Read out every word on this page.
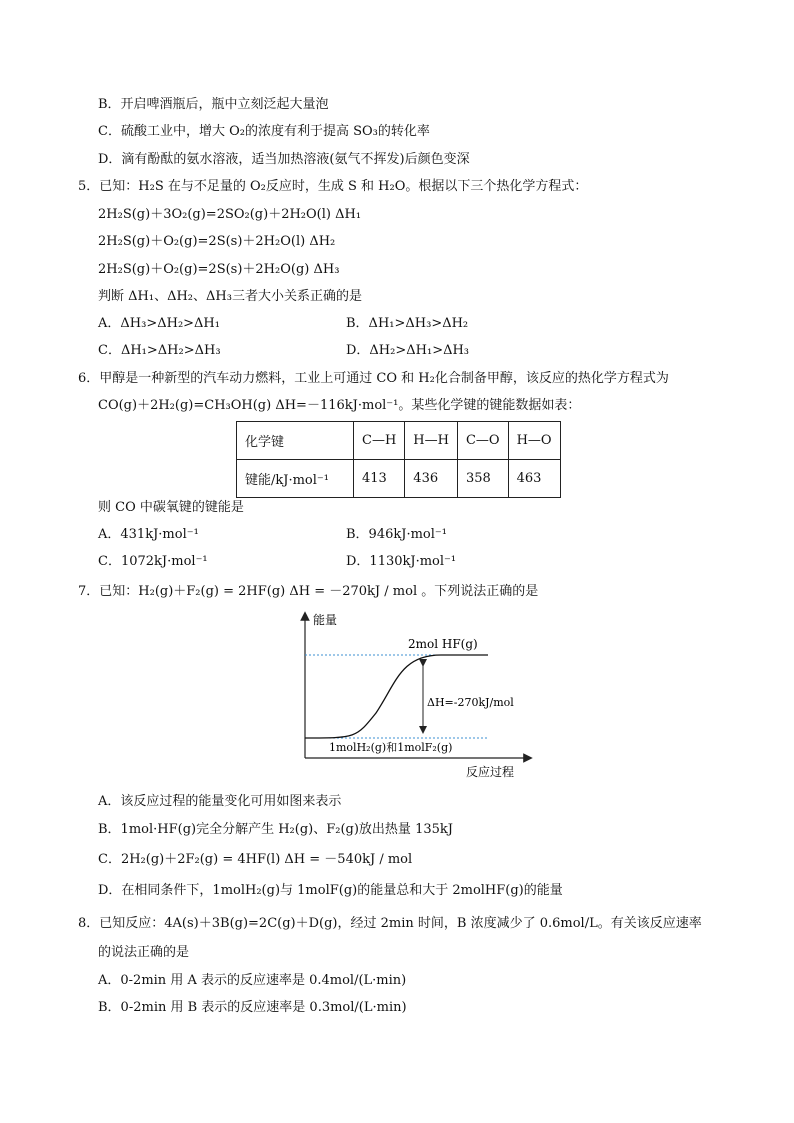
B．开启啤酒瓶后，瓶中立刻泛起大量泡
C．硫酸工业中，增大 O₂的浓度有利于提高 SO₃的转化率
D．滴有酚酞的氨水溶液，适当加热溶液(氨气不挥发)后颜色变深
5．已知：H₂S 在与不足量的 O₂反应时，生成 S 和 H₂O。根据以下三个热化学方程式：
2H₂S(g)＋3O₂(g)=2SO₂(g)＋2H₂O(l) ΔH₁
2H₂S(g)＋O₂(g)=2S(s)＋2H₂O(l) ΔH₂
2H₂S(g)＋O₂(g)=2S(s)＋2H₂O(g) ΔH₃
判断 ΔH₁、ΔH₂、ΔH₃三者大小关系正确的是
A．ΔH₃>ΔH₂>ΔH₁	B．ΔH₁>ΔH₃>ΔH₂
C．ΔH₁>ΔH₂>ΔH₃	D．ΔH₂>ΔH₁>ΔH₃
6．甲醇是一种新型的汽车动力燃料，工业上可通过 CO 和 H₂化合制备甲醇，该反应的热化学方程式为
CO(g)＋2H₂(g)=CH₃OH(g) ΔH=－116kJ·mol⁻¹。某些化学键的键能数据如表：
化学键	C—H	H—H	C—O	H—O
键能/kJ·mol⁻¹	413	436	358	463
则 CO 中碳氧键的键能是
A．431kJ·mol⁻¹	B．946kJ·mol⁻¹
C．1072kJ·mol⁻¹	D．1130kJ·mol⁻¹
7．已知：H₂(g)＋F₂(g) = 2HF(g) ΔH = －270kJ / mol 。下列说法正确的是
能量
2mol HF(g)
ΔH=-270kJ/mol
1molH₂(g)和1molF₂(g)
反应过程
A．该反应过程的能量变化可用如图来表示
B．1mol·HF(g)完全分解产生 H₂(g)、F₂(g)放出热量 135kJ
C．2H₂(g)＋2F₂(g) = 4HF(l) ΔH = －540kJ / mol
D．在相同条件下，1molH₂(g)与 1molF(g)的能量总和大于 2molHF(g)的能量
8．已知反应：4A(s)＋3B(g)=2C(g)＋D(g)，经过 2min 时间，B 浓度减少了 0.6mol/L。有关该反应速率
的说法正确的是
A．0-2min 用 A 表示的反应速率是 0.4mol/(L·min)
B．0-2min 用 B 表示的反应速率是 0.3mol/(L·min)
